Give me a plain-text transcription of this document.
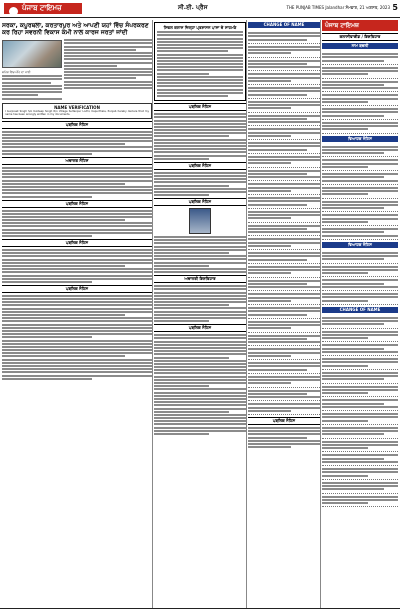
ਪੰਜਾਬ ਟਾਇਮਜ਼	ਸੀ.ਈ. ਪ੍ਰੈਸ	THE PUNJAB TIMES Jalandhar ਸੋਮਵਾਰ, 21 ਅਗਸਤ, 2023 5
ਸਰਕਾ, ਕਪੂਰਥਲਾ, ਕਰਤਾਰਪੁਰ ਅਤੇ ਆਪਣੀ ਯਹਾਂ ਵਿੱਚ ਸੰਪਰਕਰਣ ਕਰ ਰਿਹਾ ਸਵਰਨੀ ਵਿਕਾਸ ਕੰਮੀ ਨਾਲ ਕਾਰਜ ਜਰਤਾਂ ਜਾਂਦੀ
ਸ਼ਹਿਰ ਵਿਚ ਮੀਂਹ ਦਾ ਪਾਣੀ
NAME VERIFICATION
I Gurpreet Singh S/o Kuldeep Singh R/o Village Sultanpur Lodhi, Kapurthala, Punjab hereby declare that my name has been wrongly written in my documents.
ਪਬਲਿਕ ਨੋਟਿਸ
ਅਦਾਲਤ ਨੋਟਿਸ
ਪਬਲਿਕ ਨੋਟਿਸ
ਪਬਲਿਕ ਨੋਟਿਸ
ਪਬਲਿਕ ਨੋਟਿਸ
ਸਿਵਲ ਕਲਾਸ ਜ਼ਿਲ੍ਹਾ ਪ੍ਰਸ਼ਾਸਨ ਪਾਸਾ ਦੇ ਸਾਹਮਣੇ
ਪਬਲਿਕ ਨੋਟਿਸ
ਪਬਲਿਕ ਨੋਟਿਸ
ਪਬਲਿਕ ਨੋਟਿਸ
ਅਦਾਲਤੀ ਇਸ਼ਤਿਹਾਰ
ਪਬਲਿਕ ਨੋਟਿਸ
CHANGE OF NAME
ਪਬਲਿਕ ਨੋਟਿਸ
ਪੰਜਾਬ ਟਾਇਮਜ਼
ਕਲਾਸੀਫਾਈਡ / ਇਸ਼ਤਿਹਾਰ
ਨਾਮ ਬਦਲੀ
ਵਿਆਹਕ ਨੋਟਿਸ
ਵਿਆਹਕ ਨੋਟਿਸ
CHANGE OF NAME
